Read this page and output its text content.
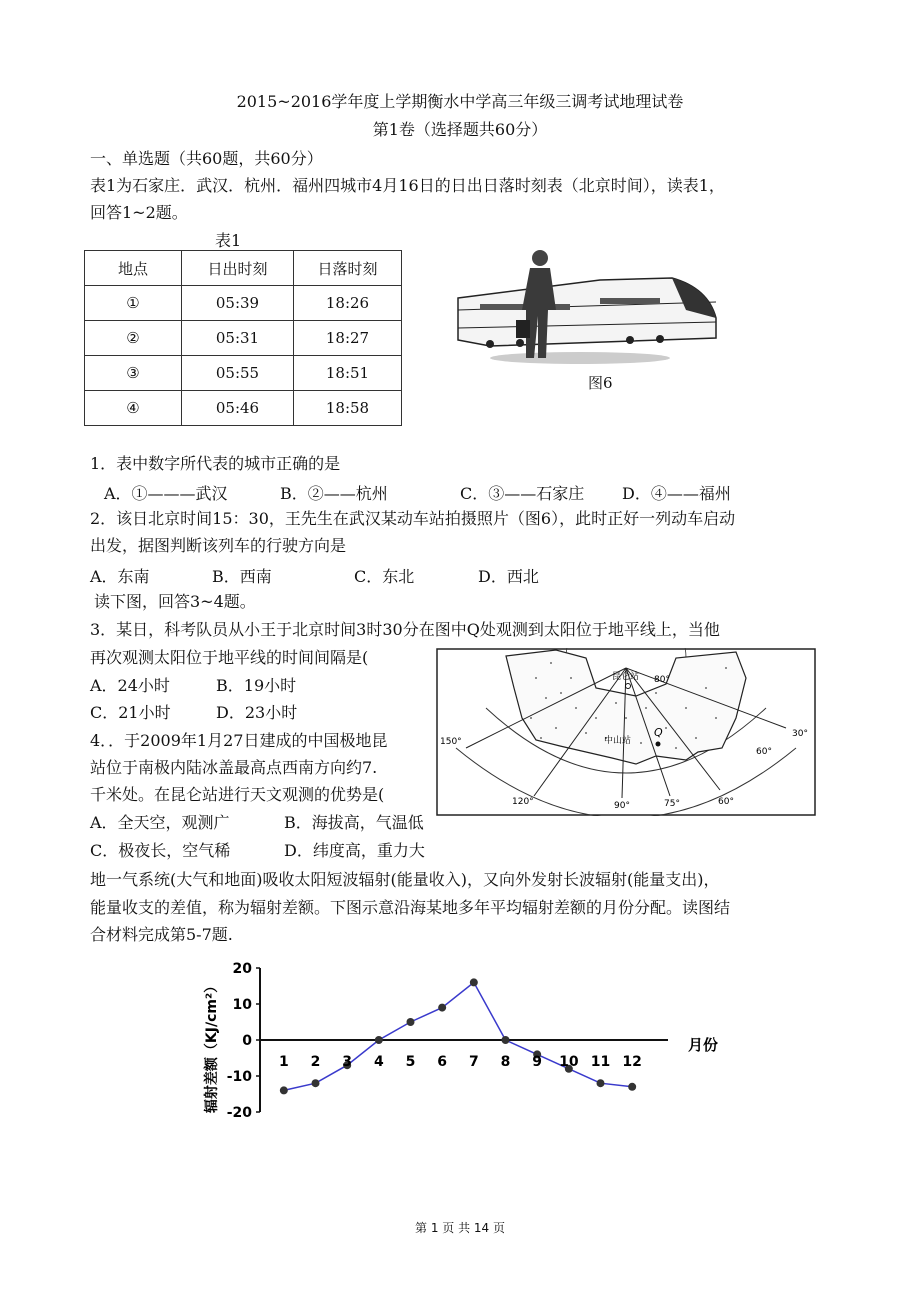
2015~2016学年度上学期衡水中学高三年级三调考试地理试卷
第1卷（选择题共60分）
一、单选题（共60题，共60分）
表1为石家庄．武汉．杭州．福州四城市4月16日的日出日落时刻表（北京时间），读表1，
回答1~2题。
表1
地点	日出时刻	日落时刻
①	05:39	18:26
②	05:31	18:27
③	05:55	18:51
④	05:46	18:58
图6
1．表中数字所代表的城市正确的是
A．①———武汉	B．②——杭州	C．③——石家庄 D．④——福州
2．该日北京时间15：30，王先生在武汉某动车站拍摄照片（图6），此时正好一列动车启动
出发，据图判断该列车的行驶方向是
A．东南	B．西南	C．东北	D．西北
读下图，回答3~4题。
3．某日，科考队员从小王于北京时间3时30分在图中Q处观测到太阳位于地平线上，当他
再次观测太阳位于地平线的时间间隔是(
A．24小时	B．19小时
C．21小时	D．23小时
4．．于2009年1月27日建成的中国极地昆
站位于南极内陆冰盖最高点西南方向约7.
千米处。在昆仑站进行天文观测的优势是(
A．全天空，观测广	B．海拔高，气温低
C．极夜长，空气稀	D．纬度高，重力大
昆仑站
中山站
Q
150°
120°	90°	75°	60°
30°
60°
80°
地一气系统(大气和地面)吸收太阳短波辐射(能量收入)，又向外发射长波辐射(能量支出)，
能量收支的差值，称为辐射差额。下图示意沿海某地多年平均辐射差额的月份分配。读图结
合材料完成第5-7题.
辐射差额（KJ/cm²）	月份
20
10
0
-10
-20
1 2 3 4 5 6 7 8 9 10 11 12
第 1 页 共 14 页
